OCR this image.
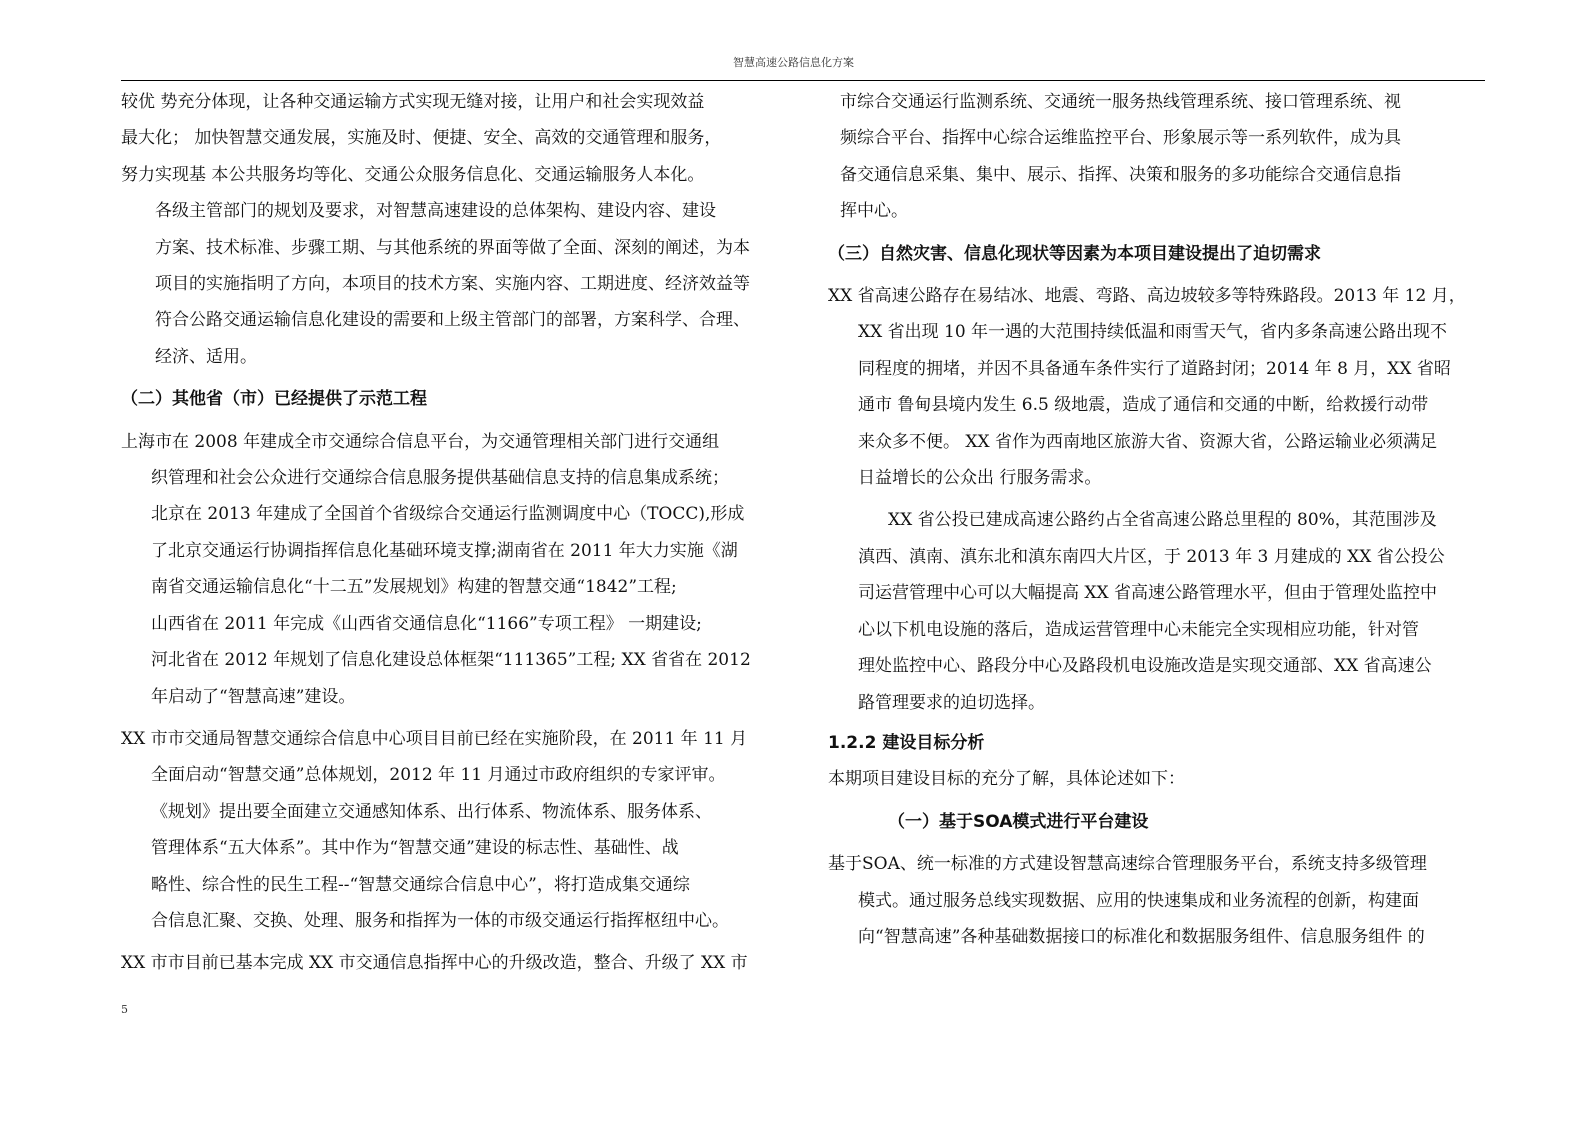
智慧高速公路信息化方案

较优 势充分体现，让各种交通运输方式实现无缝对接，让用户和社会实现效益
最大化； 加快智慧交通发展，实施及时、便捷、安全、高效的交通管理和服务，
努力实现基 本公共服务均等化、交通公众服务信息化、交通运输服务人本化。

各级主管部门的规划及要求，对智慧高速建设的总体架构、建设内容、建设
方案、技术标准、步骤工期、与其他系统的界面等做了全面、深刻的阐述，为本
项目的实施指明了方向，本项目的技术方案、实施内容、工期进度、经济效益等
符合公路交通运输信息化建设的需要和上级主管部门的部署，方案科学、合理、
经济、适用。

（二）其他省（市）已经提供了示范工程

上海市在 2008 年建成全市交通综合信息平台，为交通管理相关部门进行交通组
织管理和社会公众进行交通综合信息服务提供基础信息支持的信息集成系统；
北京在 2013 年建成了全国首个省级综合交通运行监测调度中心（TOCC),形成
了北京交通运行协调指挥信息化基础环境支撑;湖南省在 2011 年大力实施《湖
南省交通运输信息化“十二五”发展规划》构建的智慧交通“1842”工程;
山西省在 2011 年完成《山西省交通信息化“1166”专项工程》 一期建设;
河北省在 2012 年规划了信息化建设总体框架“111365”工程; XX 省省在 2012
年启动了“智慧高速”建设。

XX 市市交通局智慧交通综合信息中心项目目前已经在实施阶段，在 2011 年 11 月
全面启动“智慧交通”总体规划，2012 年 11 月通过市政府组织的专家评审。
《规划》提出要全面建立交通感知体系、出行体系、物流体系、服务体系、
管理体系“五大体系”。其中作为“智慧交通”建设的标志性、基础性、战
略性、综合性的民生工程--“智慧交通综合信息中心”，将打造成集交通综
合信息汇聚、交换、处理、服务和指挥为一体的市级交通运行指挥枢纽中心。

XX 市市目前已基本完成 XX 市交通信息指挥中心的升级改造，整合、升级了 XX 市

市综合交通运行监测系统、交通统一服务热线管理系统、接口管理系统、视
频综合平台、指挥中心综合运维监控平台、形象展示等一系列软件，成为具
备交通信息采集、集中、展示、指挥、决策和服务的多功能综合交通信息指
挥中心。

（三）自然灾害、信息化现状等因素为本项目建设提出了迫切需求

XX 省高速公路存在易结冰、地震、弯路、高边坡较多等特殊路段。2013 年 12 月，
XX 省出现 10 年一遇的大范围持续低温和雨雪天气，省内多条高速公路出现不
同程度的拥堵，并因不具备通车条件实行了道路封闭；2014 年 8 月，XX 省昭
通市 鲁甸县境内发生 6.5 级地震，造成了通信和交通的中断，给救援行动带
来众多不便。 XX 省作为西南地区旅游大省、资源大省，公路运输业必须满足
日益增长的公众出 行服务需求。

XX 省公投已建成高速公路约占全省高速公路总里程的 80%，其范围涉及
滇西、滇南、滇东北和滇东南四大片区，于 2013 年 3 月建成的 XX 省公投公
司运营管理中心可以大幅提高 XX 省高速公路管理水平，但由于管理处监控中
心以下机电设施的落后，造成运营管理中心未能完全实现相应功能，针对管
理处监控中心、路段分中心及路段机电设施改造是实现交通部、XX 省高速公
路管理要求的迫切选择。

1.2.2 建设目标分析

本期项目建设目标的充分了解，具体论述如下：

（一）基于SOA模式进行平台建设

基于SOA、统一标准的方式建设智慧高速综合管理服务平台，系统支持多级管理
模式。通过服务总线实现数据、应用的快速集成和业务流程的创新，构建面
向“智慧高速”各种基础数据接口的标准化和数据服务组件、信息服务组件 的

5
